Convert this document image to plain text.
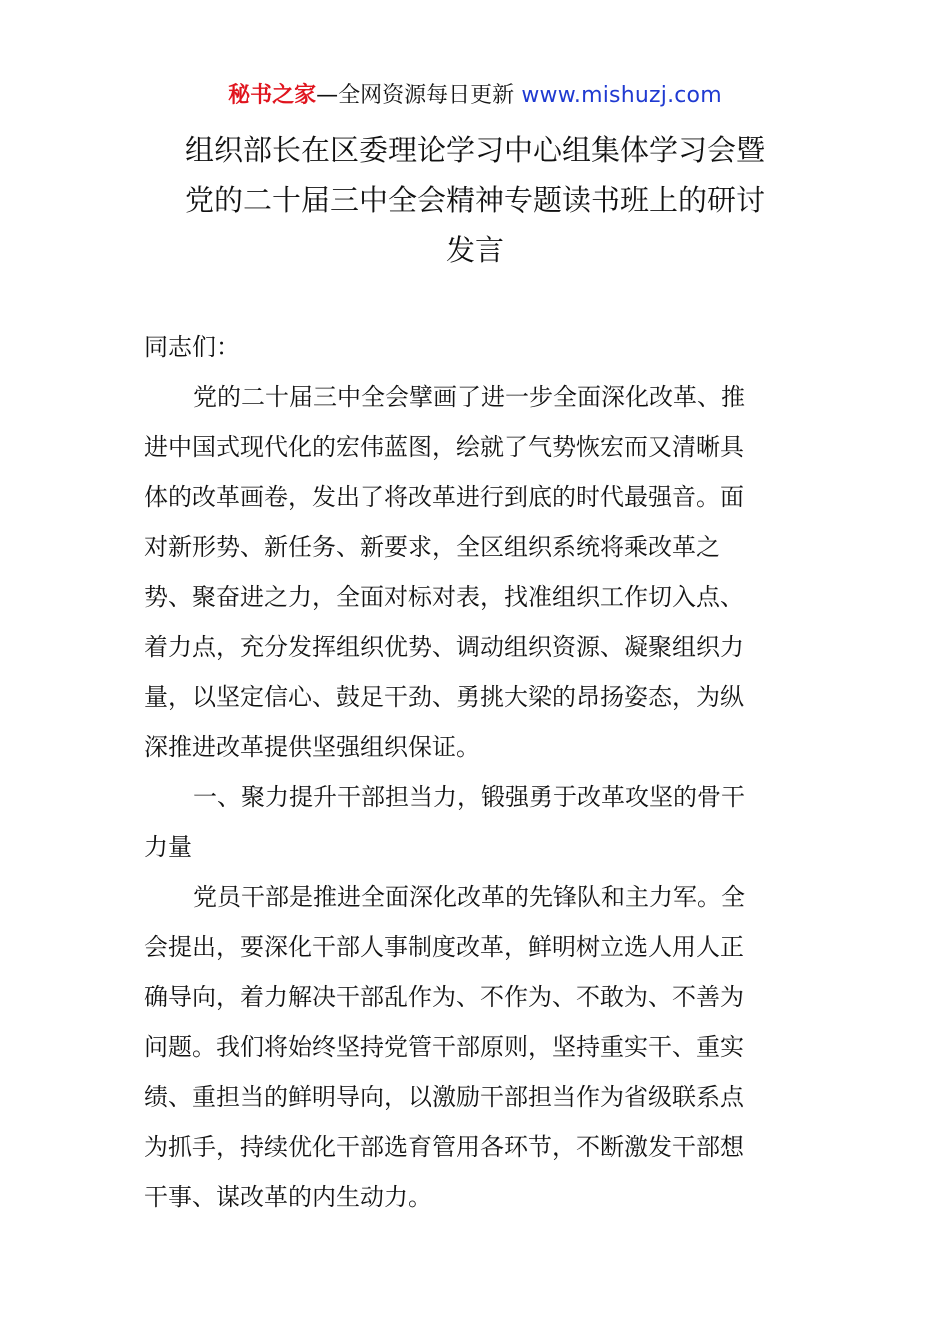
秘书之家—全网资源每日更新 www.mishuzj.com
组织部长在区委理论学习中心组集体学习会暨
党的二十届三中全会精神专题读书班上的研讨
发言
同志们：
党的二十届三中全会擘画了进一步全面深化改革、推
进中国式现代化的宏伟蓝图，绘就了气势恢宏而又清晰具
体的改革画卷，发出了将改革进行到底的时代最强音。面
对新形势、新任务、新要求，全区组织系统将乘改革之
势、聚奋进之力，全面对标对表，找准组织工作切入点、
着力点，充分发挥组织优势、调动组织资源、凝聚组织力
量，以坚定信心、鼓足干劲、勇挑大梁的昂扬姿态，为纵
深推进改革提供坚强组织保证。
一、聚力提升干部担当力，锻强勇于改革攻坚的骨干
力量
党员干部是推进全面深化改革的先锋队和主力军。全
会提出，要深化干部人事制度改革，鲜明树立选人用人正
确导向，着力解决干部乱作为、不作为、不敢为、不善为
问题。我们将始终坚持党管干部原则，坚持重实干、重实
绩、重担当的鲜明导向，以激励干部担当作为省级联系点
为抓手，持续优化干部选育管用各环节，不断激发干部想
干事、谋改革的内生动力。
